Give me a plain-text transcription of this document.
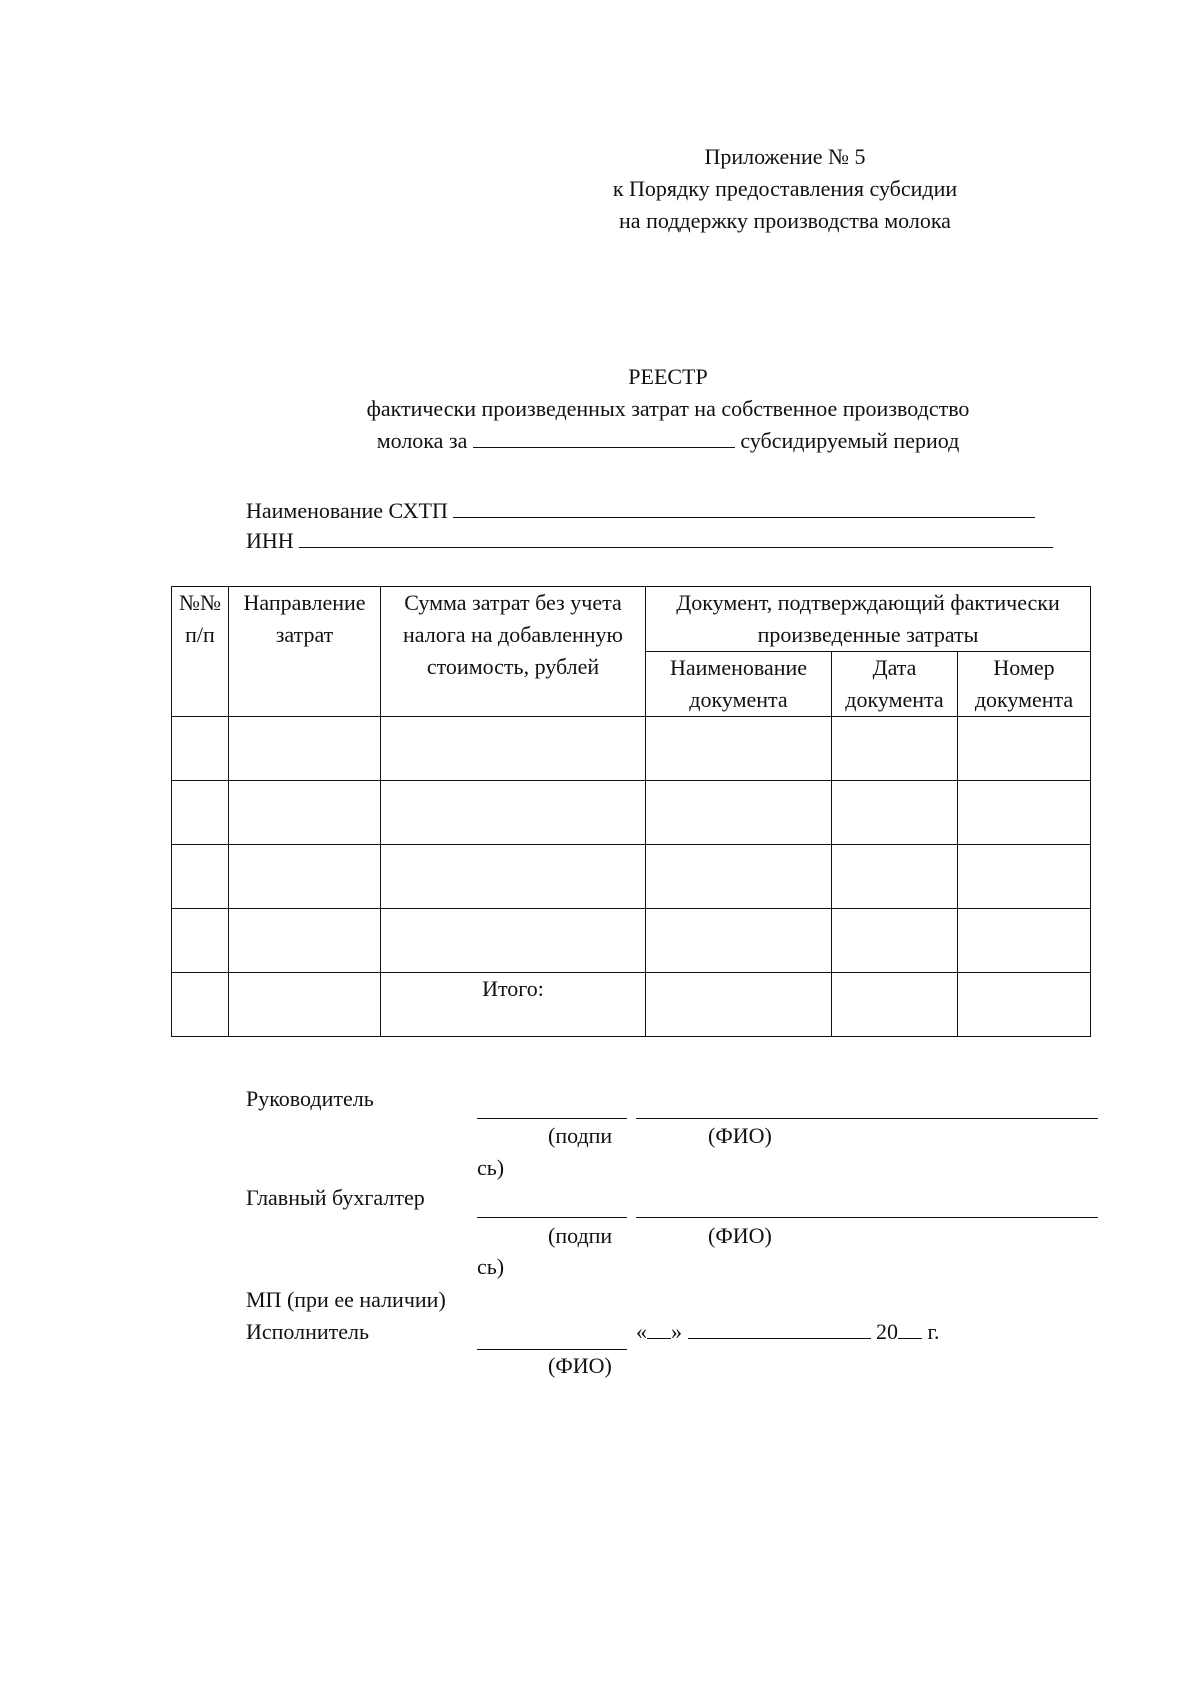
Приложение № 5
к Порядку предоставления субсидии
на поддержку производства молока
РЕЕСТР
фактически произведенных затрат на собственное производство
молока за	субсидируемый период
Наименование СХТП
ИНН
№№ п/п	Направление затрат	Сумма затрат без учета налога на добавленную стоимость, рублей	Документ, подтверждающий фактически произведенные затраты		
			Наименование документа	Дата документа	Номер документа

		Итого:			
Руководитель
(подпи	(ФИО)
сь)
Главный бухгалтер
(подпи	(ФИО)
сь)
МП (при ее наличии)
Исполнитель	« »	20 г.
(ФИО)
